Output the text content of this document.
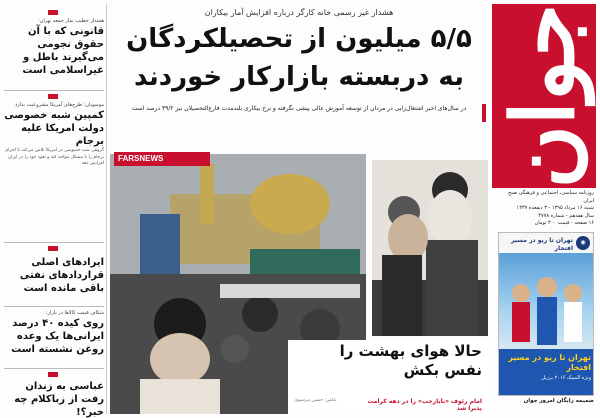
هشدار خطیب نماز جمعه تهران:
قانونی که با آن حقوق نجومی می‌گیرند باطل و غیراسلامی است
موسویان: طرح‌های آمریکا مشروعیت ندارد
کمپین شبه خصوصی دولت امریکا علیه برجام
گروهی شبه خصوصی در امریکا تلاش می‌کند تا اجرای برجام را با مشکل مواجه کند و نفوذ خود را در ایران افزایش دهد
ایرادهای اصلی قراردادهای نفتی باقی مانده است
شکاف قیمت کالاها در بازار:
روی کیده ۴۰ درصد ایرانی‌ها یک وعده روغن نشسته است
عباسی به زندان رفت از زباکلام چه خبر؟!
هشدار غیر رسمی خانه کارگر درباره افزایش آمار بیکاران
۵/۵ میلیون از تحصیلکردگان
به دربسته بازارکار خوردند
در سال‌های اخیر اشتغال‌زایی در مردان از توسعه آموزش عالی پیشی نگرفته و نرخ بیکاری بلندمدت فارغ‌التحصیلان نیز ۴۹/۲ درصد است
FARSNEWS
حالا هوای بهشت را
نفس بکش
امام رئوف «بابارجب» را در دهه کرامت پذیرا شد
عکس: حسین مرتضوی
جوان
روزنامه سیاسی، اجتماعی و فرهنگی صبح ایران
شنبه ۱۶ مرداد ۱۳۹۵ - ۳ ذیقعده ۱۴۳۷
سال هفدهم - شماره ۴۷۷۸
۱۶ صفحه - قیمت ۳۰۰ تومان
◉
تهران تا ریو در مسیر افتخار
تهران تا ریو در مسیر افتخار
ویژه المپیک ۲۰۱۶ برزیل
ضمیمه رایگان امروز جوان
